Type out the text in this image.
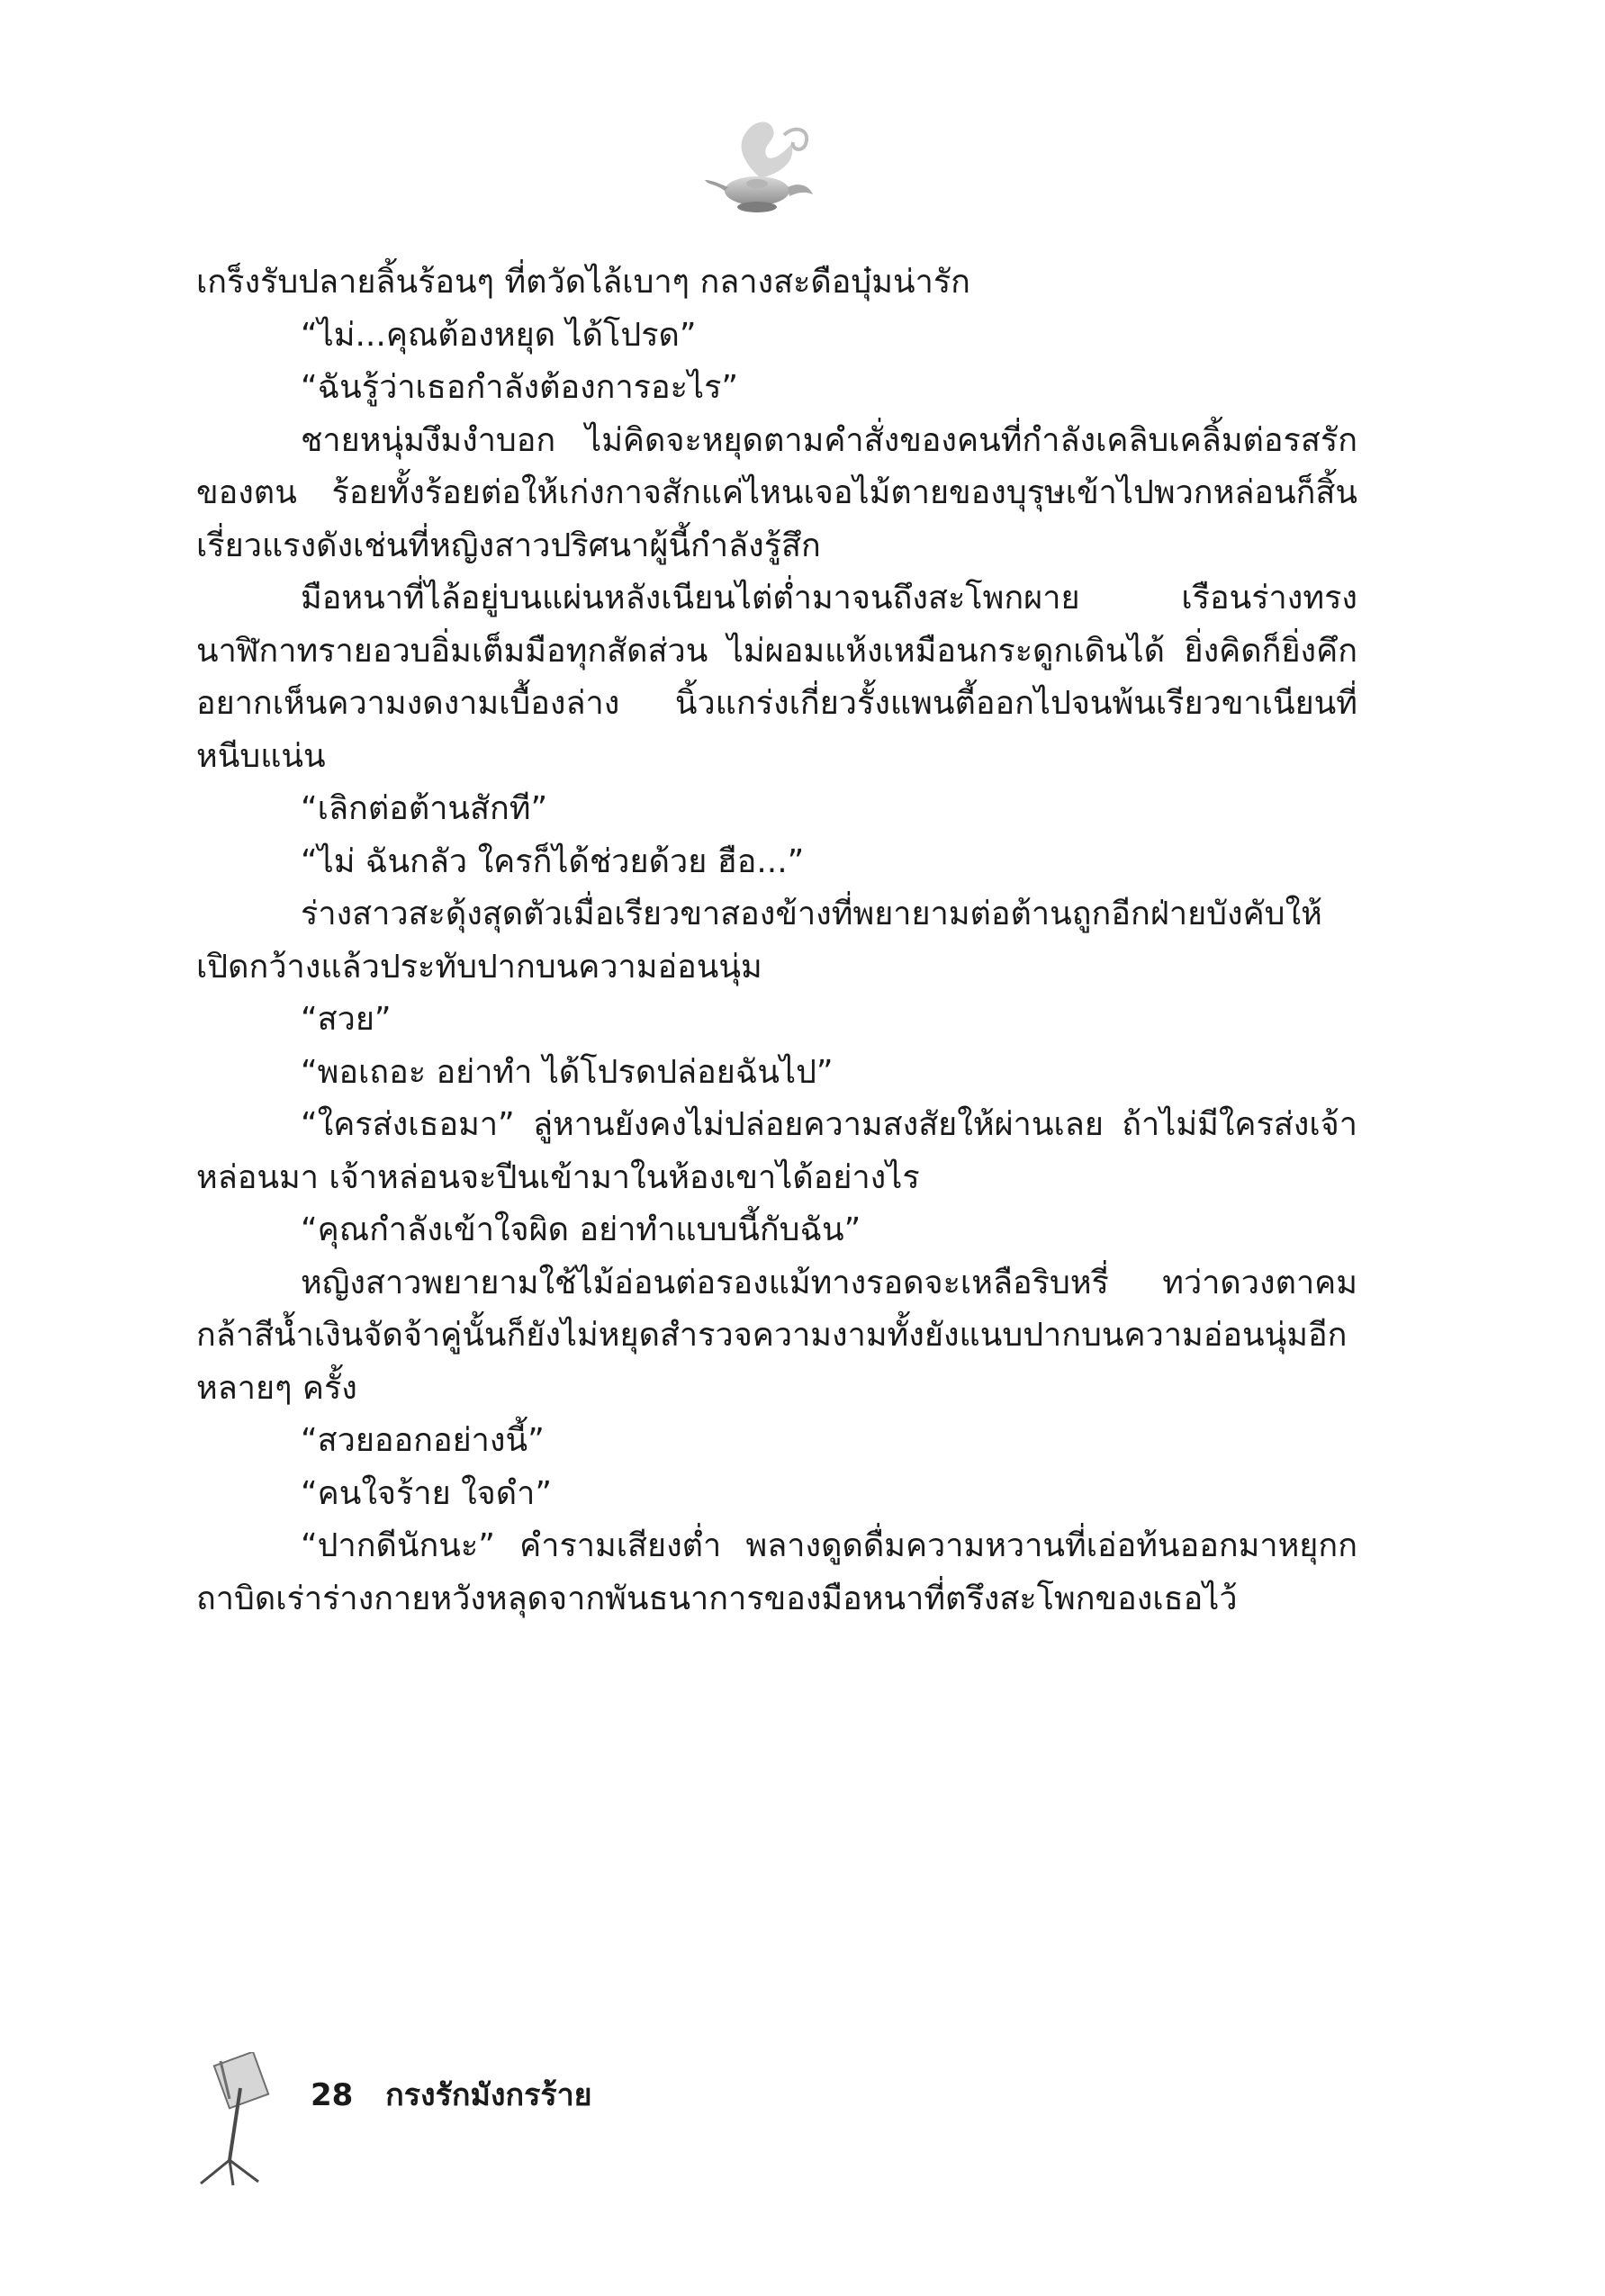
เกร็งรับปลายลิ้นร้อนๆ ที่ตวัดไล้เบาๆ กลางสะดือบุ๋มน่ารัก

“ไม่...คุณต้องหยุด ได้โปรด”

“ฉันรู้ว่าเธอกำลังต้องการอะไร”

ชายหนุ่มงึมงำบอก ไม่คิดจะหยุดตามคำสั่งของคนที่กำลังเคลิบเคลิ้มต่อรสรักของตน ร้อยทั้งร้อยต่อให้เก่งกาจสักแค่ไหนเจอไม้ตายของบุรุษเข้าไปพวกหล่อนก็สิ้นเรี่ยวแรงดังเช่นที่หญิงสาวปริศนาผู้นี้กำลังรู้สึก

มือหนาที่ไล้อยู่บนแผ่นหลังเนียนไต่ต่ำมาจนถึงสะโพกผาย เรือนร่างทรงนาฬิกาทรายอวบอิ่มเต็มมือทุกสัดส่วน ไม่ผอมแห้งเหมือนกระดูกเดินได้ ยิ่งคิดก็ยิ่งคึกอยากเห็นความงดงามเบื้องล่าง นิ้วแกร่งเกี่ยวรั้งแพนตี้ออกไปจนพ้นเรียวขาเนียนที่หนีบแน่น

“เลิกต่อต้านสักที”

“ไม่ ฉันกลัว ใครก็ได้ช่วยด้วย ฮือ...”

ร่างสาวสะดุ้งสุดตัวเมื่อเรียวขาสองข้างที่พยายามต่อต้านถูกอีกฝ่ายบังคับให้เปิดกว้างแล้วประทับปากบนความอ่อนนุ่ม

“สวย”

“พอเถอะ อย่าทำ ได้โปรดปล่อยฉันไป”

“ใครส่งเธอมา” ลู่หานยังคงไม่ปล่อยความสงสัยให้ผ่านเลย ถ้าไม่มีใครส่งเจ้าหล่อนมา เจ้าหล่อนจะปีนเข้ามาในห้องเขาได้อย่างไร

“คุณกำลังเข้าใจผิด อย่าทำแบบนี้กับฉัน”

หญิงสาวพยายามใช้ไม้อ่อนต่อรองแม้ทางรอดจะเหลือริบหรี่ ทว่าดวงตาคมกล้าสีน้ำเงินจัดจ้าคู่นั้นก็ยังไม่หยุดสำรวจความงามทั้งยังแนบปากบนความอ่อนนุ่มอีกหลายๆ ครั้ง

“สวยออกอย่างนี้”

“คนใจร้าย ใจดำ”

“ปากดีนักนะ” คำรามเสียงต่ำ พลางดูดดื่มความหวานที่เอ่อท้นออกมาหยุกกถาบิดเร่าร่างกายหวังหลุดจากพันธนาการของมือหนาที่ตรึงสะโพกของเธอไว้

28 กรงรักมังกรร้าย
